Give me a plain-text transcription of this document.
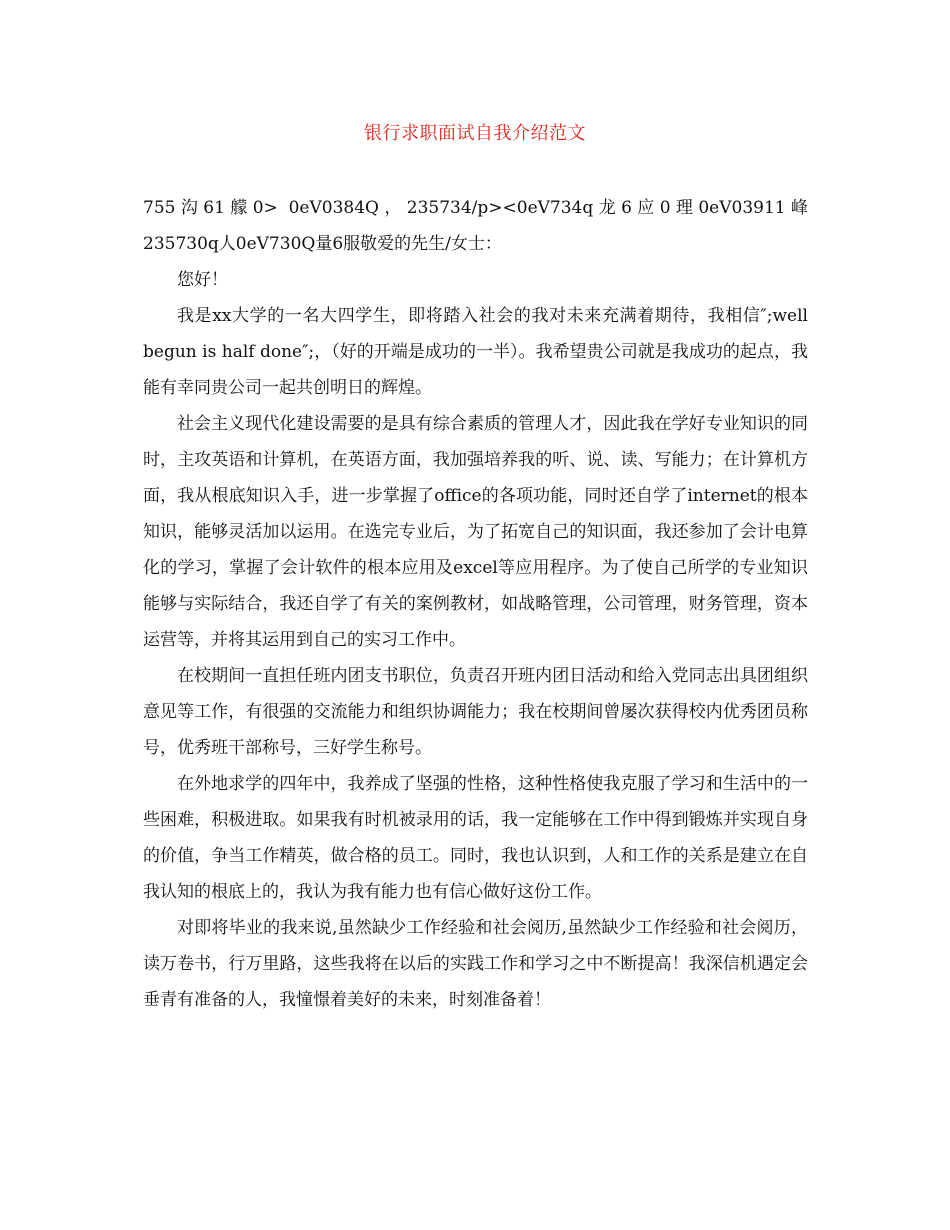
银行求职面试自我介绍范文

755沟61艨0> 0eV0384Q，235734/p><0eV734q龙6应0理0eV03911峰235730q人0eV730Q量6服敬爱的先生/女士：

您好！

我是xx大学的一名大四学生，即将踏入社会的我对未来充满着期待，我相信″;well begun is half done″;，（好的开端是成功的一半）。我希望贵公司就是我成功的起点，我能有幸同贵公司一起共创明日的辉煌。

社会主义现代化建设需要的是具有综合素质的管理人才，因此我在学好专业知识的同时，主攻英语和计算机，在英语方面，我加强培养我的听、说、读、写能力；在计算机方面，我从根底知识入手，进一步掌握了office的各项功能，同时还自学了internet的根本知识，能够灵活加以运用。在选完专业后，为了拓宽自己的知识面，我还参加了会计电算化的学习，掌握了会计软件的根本应用及excel等应用程序。为了使自己所学的专业知识能够与实际结合，我还自学了有关的案例教材，如战略管理，公司管理，财务管理，资本运营等，并将其运用到自己的实习工作中。

在校期间一直担任班内团支书职位，负责召开班内团日活动和给入党同志出具团组织意见等工作，有很强的交流能力和组织协调能力；我在校期间曾屡次获得校内优秀团员称号，优秀班干部称号，三好学生称号。

在外地求学的四年中，我养成了坚强的性格，这种性格使我克服了学习和生活中的一些困难，积极进取。如果我有时机被录用的话，我一定能够在工作中得到锻炼并实现自身的价值，争当工作精英，做合格的员工。同时，我也认识到，人和工作的关系是建立在自我认知的根底上的，我认为我有能力也有信心做好这份工作。

对即将毕业的我来说,虽然缺少工作经验和社会阅历,虽然缺少工作经验和社会阅历，读万卷书，行万里路，这些我将在以后的实践工作和学习之中不断提高！我深信机遇定会垂青有准备的人，我憧憬着美好的未来，时刻准备着！
